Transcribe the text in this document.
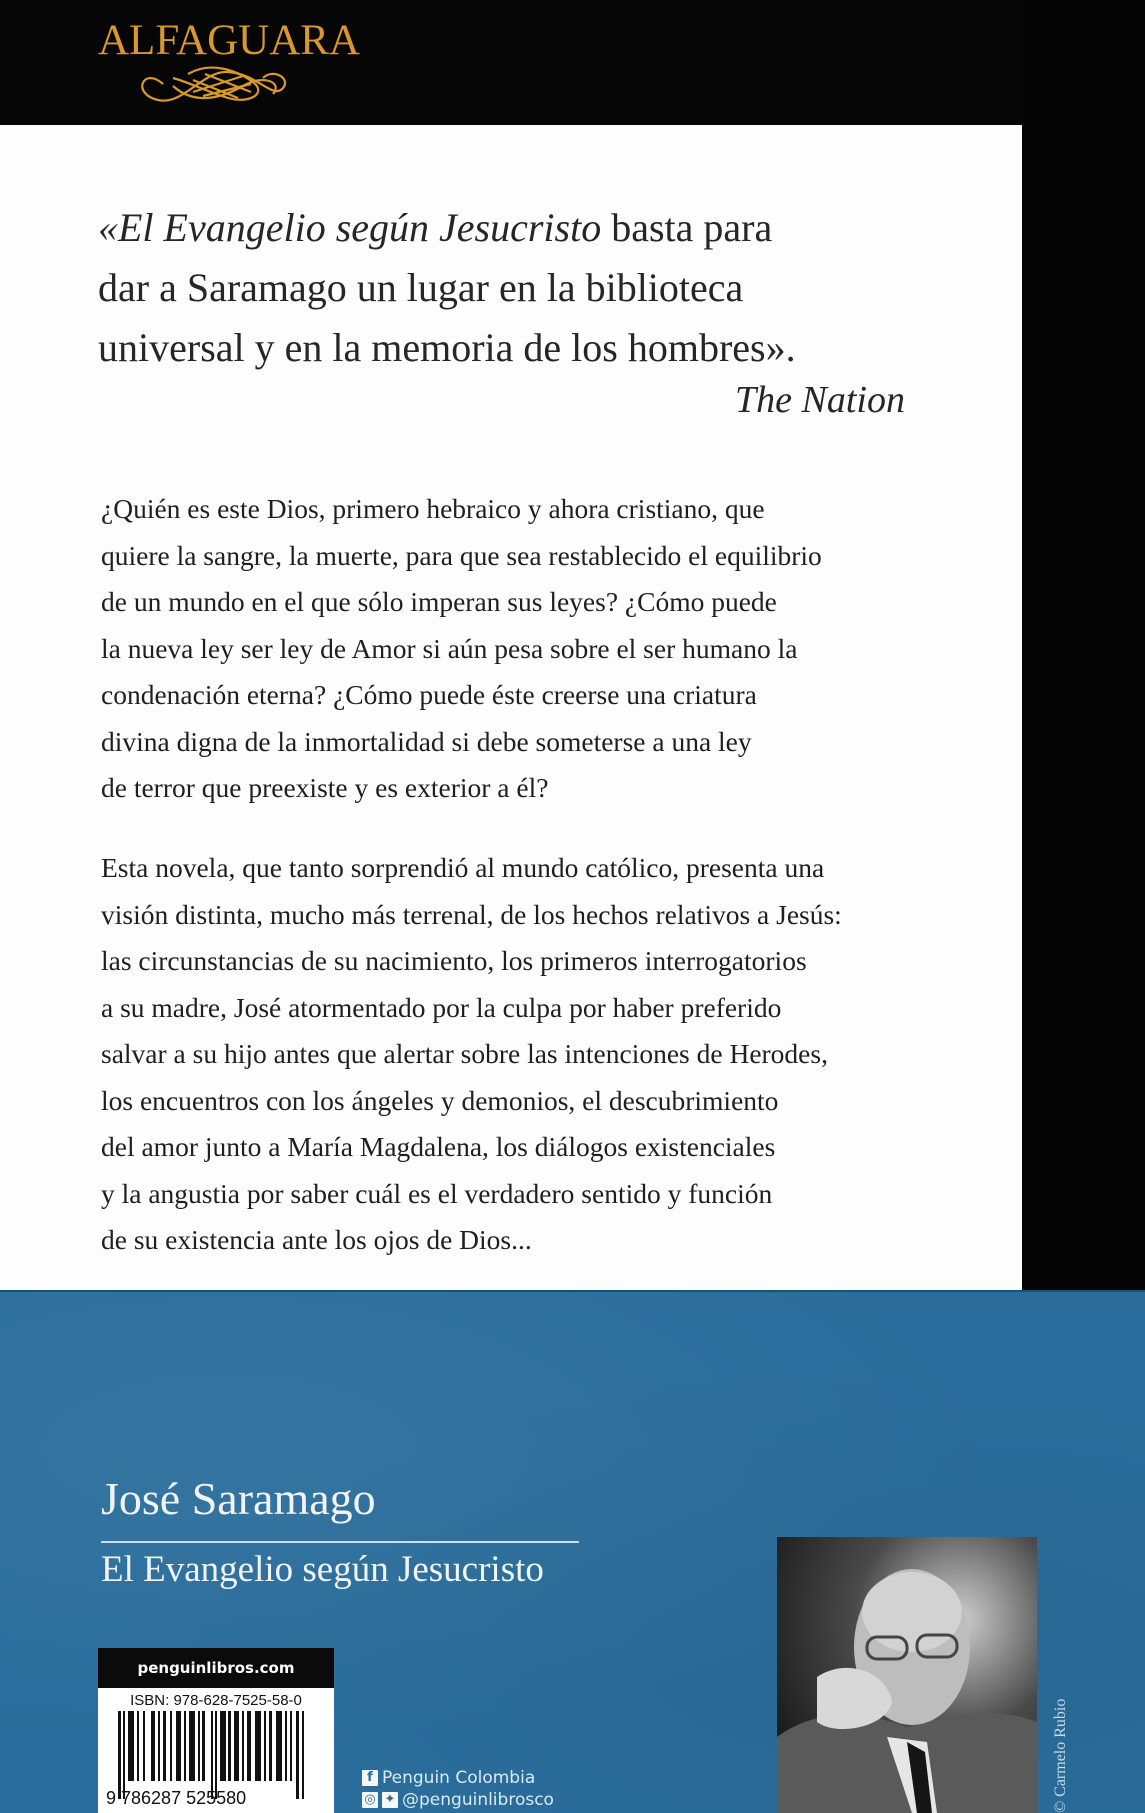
ALFAGUARA
«El Evangelio según Jesucristo basta para
dar a Saramago un lugar en la biblioteca
universal y en la memoria de los hombres».
The Nation
¿Quién es este Dios, primero hebraico y ahora cristiano, que
quiere la sangre, la muerte, para que sea restablecido el equilibrio
de un mundo en el que sólo imperan sus leyes? ¿Cómo puede
la nueva ley ser ley de Amor si aún pesa sobre el ser humano la
condenación eterna? ¿Cómo puede éste creerse una criatura
divina digna de la inmortalidad si debe someterse a una ley
de terror que preexiste y es exterior a él?
Esta novela, que tanto sorprendió al mundo católico, presenta una
visión distinta, mucho más terrenal, de los hechos relativos a Jesús:
las circunstancias de su nacimiento, los primeros interrogatorios
a su madre, José atormentado por la culpa por haber preferido
salvar a su hijo antes que alertar sobre las intenciones de Herodes,
los encuentros con los ángeles y demonios, el descubrimiento
del amor junto a María Magdalena, los diálogos existenciales
y la angustia por saber cuál es el verdadero sentido y función
de su existencia ante los ojos de Dios...
José Saramago
El Evangelio según Jesucristo
penguinlibros.com
ISBN: 978-628-7525-58-0
9 786287 525580
f Penguin Colombia
◎ ✦ @penguinlibrosco	© Carmelo Rubio
